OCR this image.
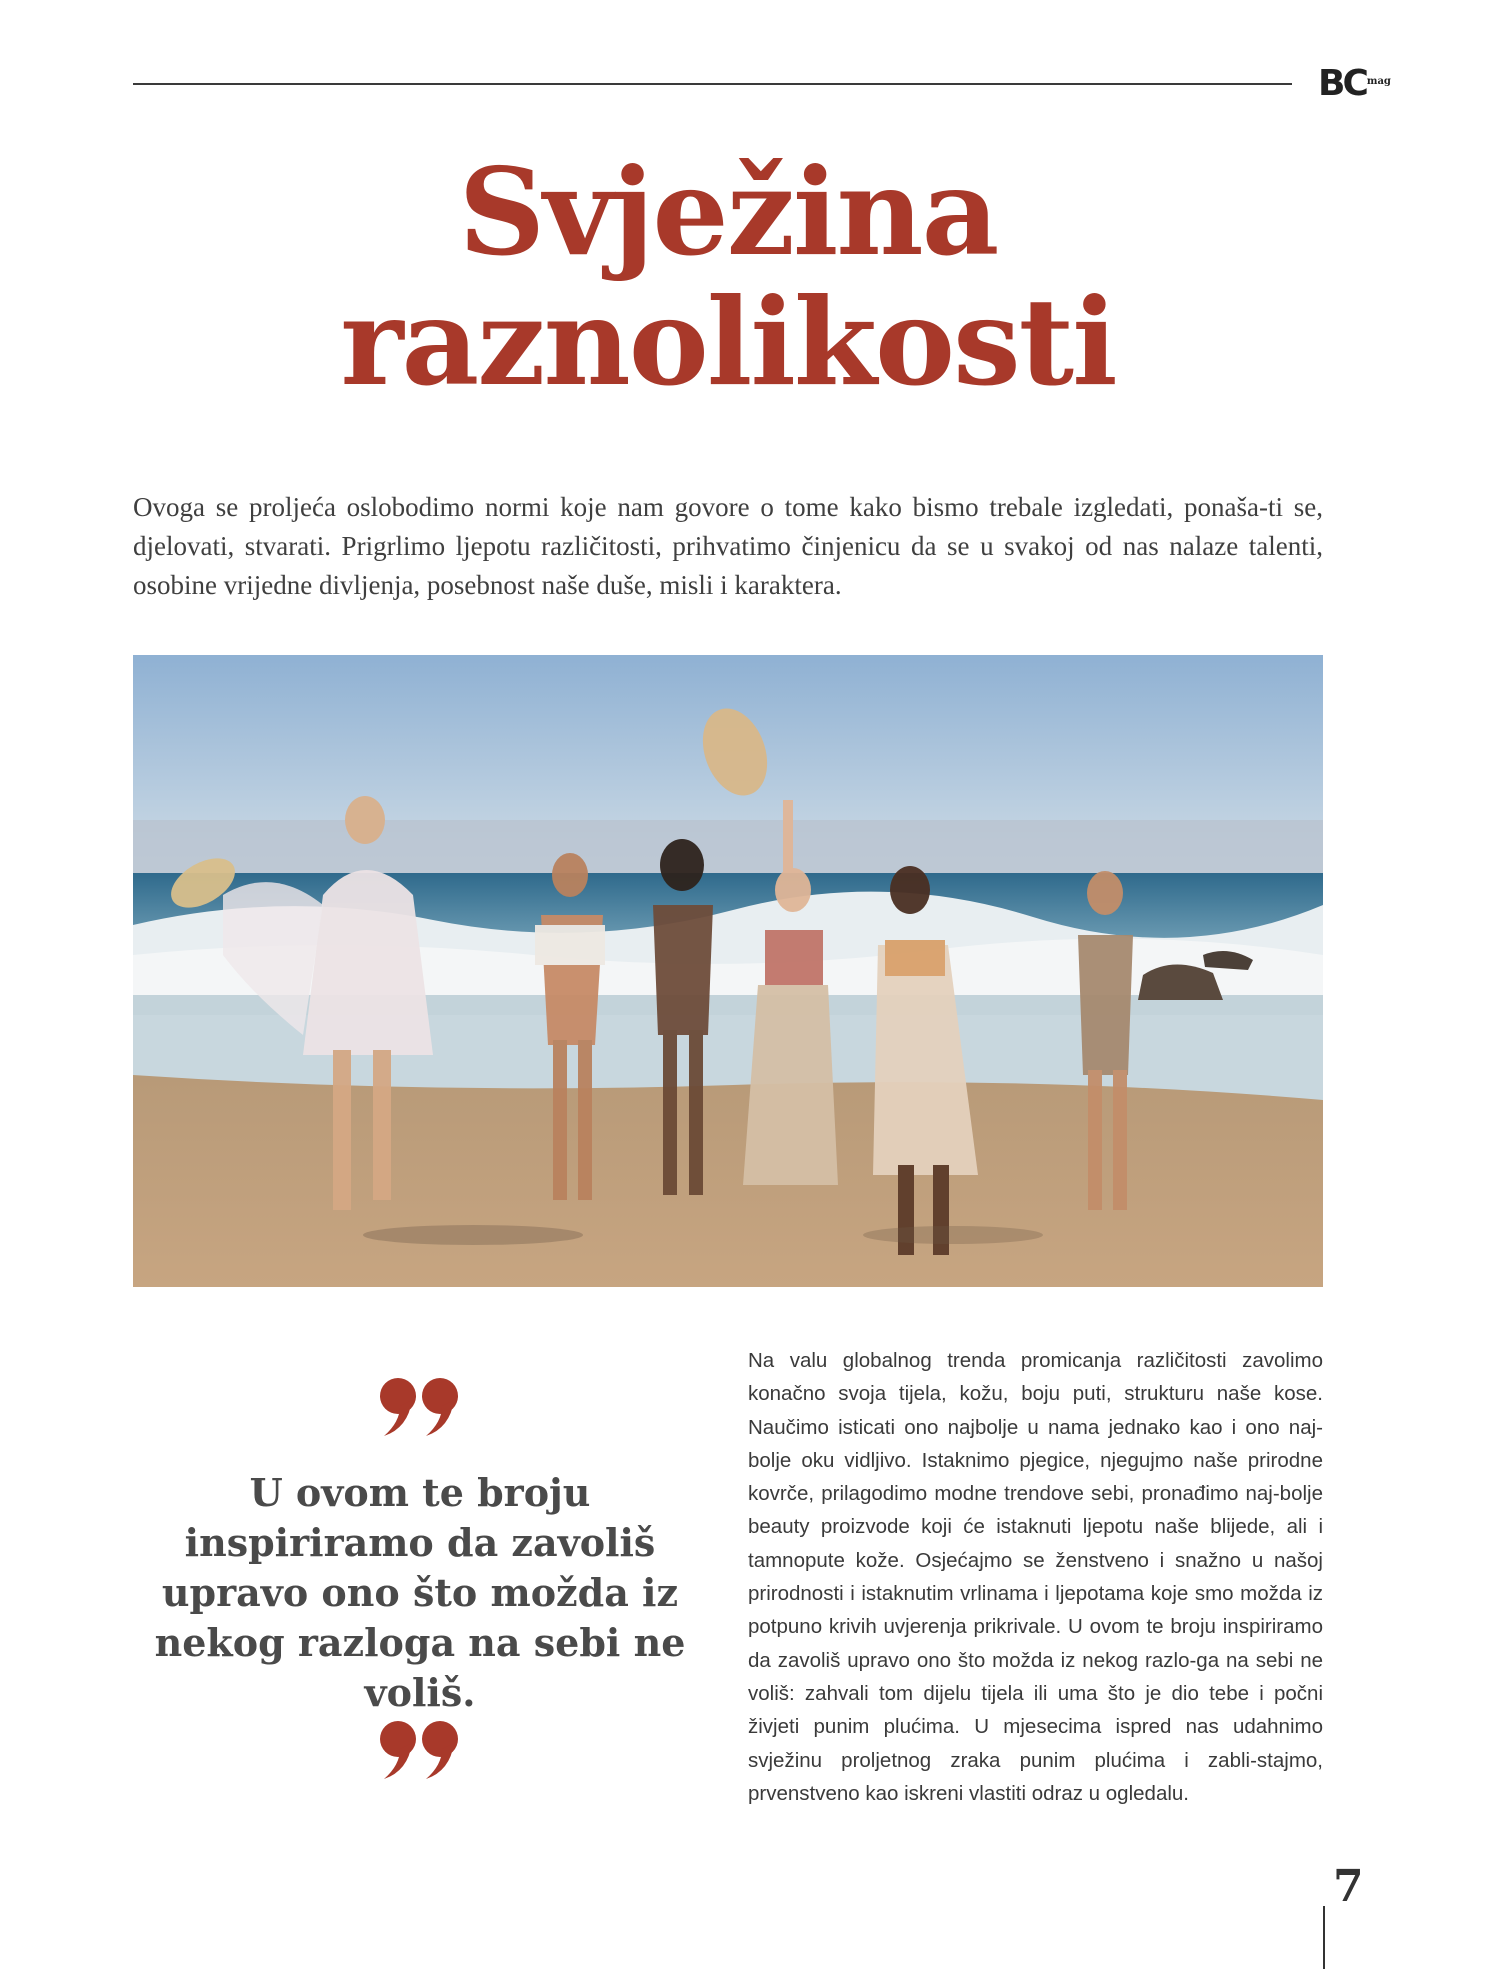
BC mag
Svježina
raznolikosti

Ovoga se proljeća oslobodimo normi koje nam govore o tome kako bismo trebale izgledati, ponaša-ti se, djelovati, stvarati. Prigrlimo ljepotu različitosti, prihvatimo činjenicu da se u svakoj od nas nalaze talenti, osobine vrijedne divljenja, posebnost naše duše, misli i karaktera.

U ovom te broju inspiriramo da zavoliš upravo ono što možda iz nekog razloga na sebi ne voliš.

Na valu globalnog trenda promicanja različitosti zavolimo konačno svoja tijela, kožu, boju puti, strukturu naše kose. Naučimo isticati ono najbolje u nama jednako kao i ono naj-bolje oku vidljivo. Istaknimo pjegice, njegujmo naše prirodne kovrče, prilagodimo modne trendove sebi, pronađimo naj-bolje beauty proizvode koji će istaknuti ljepotu naše blijede, ali i tamnopute kože. Osjećajmo se ženstveno i snažno u našoj prirodnosti i istaknutim vrlinama i ljepotama koje smo možda iz potpuno krivih uvjerenja prikrivale. U ovom te broju inspiriramo da zavoliš upravo ono što možda iz nekog razlo-ga na sebi ne voliš: zahvali tom dijelu tijela ili uma što je dio tebe i počni živjeti punim plućima. U mjesecima ispred nas udahnimo svježinu proljetnog zraka punim plućima i zabli-stajmo, prvenstveno kao iskreni vlastiti odraz u ogledalu.

7
